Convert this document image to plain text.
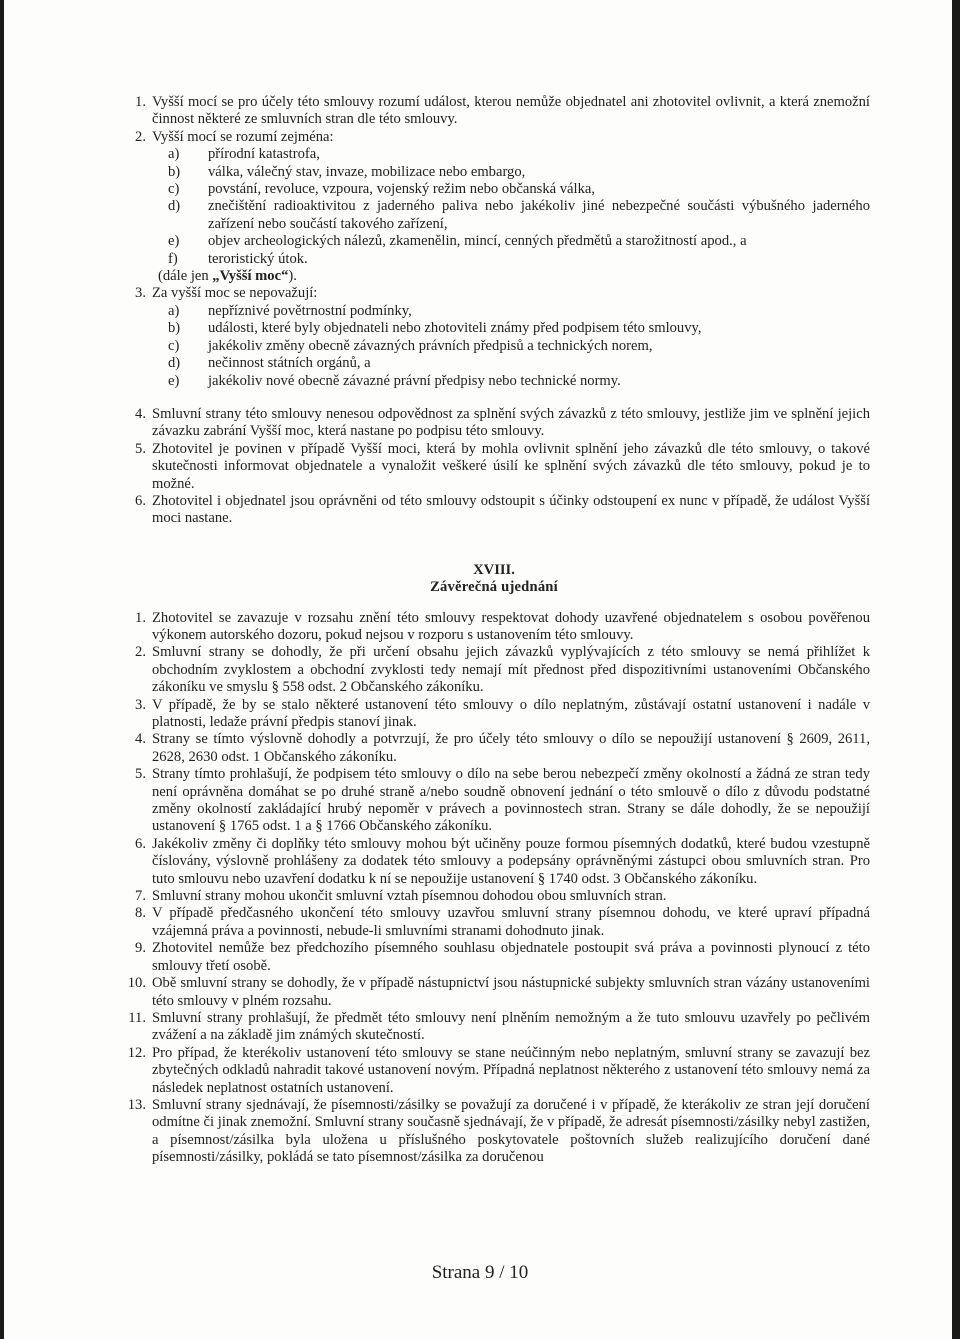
1. Vyšší mocí se pro účely této smlouvy rozumí událost, kterou nemůže objednatel ani zhotovitel ovlivnit, a která znemožní činnost některé ze smluvních stran dle této smlouvy.
2. Vyšší mocí se rozumí zejména:
a)	přírodní katastrofa,
b)	válka, válečný stav, invaze, mobilizace nebo embargo,
c)	povstání, revoluce, vzpoura, vojenský režim nebo občanská válka,
d)	znečištění radioaktivitou z jaderného paliva nebo jakékoliv jiné nebezpečné součásti výbušného jaderného zařízení nebo součástí takového zařízení,
e)	objev archeologických nálezů, zkamenělin, mincí, cenných předmětů a starožitností apod., a
f)	teroristický útok.
(dále jen „Vyšší moc“).
3. Za vyšší moc se nepovažují:
a)	nepříznivé povětrnostní podmínky,
b)	události, které byly objednateli nebo zhotoviteli známy před podpisem této smlouvy,
c)	jakékoliv změny obecně závazných právních předpisů a technických norem,
d)	nečinnost státních orgánů, a
e)	jakékoliv nové obecně závazné právní předpisy nebo technické normy.
4. Smluvní strany této smlouvy nenesou odpovědnost za splnění svých závazků z této smlouvy, jestliže jim ve splnění jejich závazku zabrání Vyšší moc, která nastane po podpisu této smlouvy.
5. Zhotovitel je povinen v případě Vyšší moci, která by mohla ovlivnit splnění jeho závazků dle této smlouvy, o takové skutečnosti informovat objednatele a vynaložit veškeré úsilí ke splnění svých závazků dle této smlouvy, pokud je to možné.
6. Zhotovitel i objednatel jsou oprávněni od této smlouvy odstoupit s účinky odstoupení ex nunc v případě, že událost Vyšší moci nastane.

XVIII.

Závěrečná ujednání

1. Zhotovitel se zavazuje v rozsahu znění této smlouvy respektovat dohody uzavřené objednatelem s osobou pověřenou výkonem autorského dozoru, pokud nejsou v rozporu s ustanovením této smlouvy.
2. Smluvní strany se dohodly, že při určení obsahu jejich závazků vyplývajících z této smlouvy se nemá přihlížet k obchodním zvyklostem a obchodní zvyklosti tedy nemají mít přednost před dispozitivními ustanoveními Občanského zákoníku ve smyslu § 558 odst. 2 Občanského zákoníku.
3. V případě, že by se stalo některé ustanovení této smlouvy o dílo neplatným, zůstávají ostatní ustanovení i nadále v platnosti, ledaže právní předpis stanoví jinak.
4. Strany se tímto výslovně dohodly a potvrzují, že pro účely této smlouvy o dílo se nepoužijí ustanovení § 2609, 2611, 2628, 2630 odst. 1 Občanského zákoníku.
5. Strany tímto prohlašují, že podpisem této smlouvy o dílo na sebe berou nebezpečí změny okolností a žádná ze stran tedy není oprávněna domáhat se po druhé straně a/nebo soudně obnovení jednání o této smlouvě o dílo z důvodu podstatné změny okolností zakládající hrubý nepoměr v právech a povinnostech stran. Strany se dále dohodly, že se nepoužijí ustanovení § 1765 odst. 1 a § 1766 Občanského zákoníku.
6. Jakékoliv změny či doplňky této smlouvy mohou být učiněny pouze formou písemných dodatků, které budou vzestupně číslovány, výslovně prohlášeny za dodatek této smlouvy a podepsány oprávněnými zástupci obou smluvních stran. Pro tuto smlouvu nebo uzavření dodatku k ní se nepoužije ustanovení § 1740 odst. 3 Občanského zákoníku.
7. Smluvní strany mohou ukončit smluvní vztah písemnou dohodou obou smluvních stran.
8. V případě předčasného ukončení této smlouvy uzavřou smluvní strany písemnou dohodu, ve které upraví případná vzájemná práva a povinnosti, nebude-li smluvními stranami dohodnuto jinak.
9. Zhotovitel nemůže bez předchozího písemného souhlasu objednatele postoupit svá práva a povinnosti plynoucí z této smlouvy třetí osobě.
10. Obě smluvní strany se dohodly, že v případě nástupnictví jsou nástupnické subjekty smluvních stran vázány ustanoveními této smlouvy v plném rozsahu.
11. Smluvní strany prohlašují, že předmět této smlouvy není plněním nemožným a že tuto smlouvu uzavřely po pečlivém zvážení a na základě jim známých skutečností.
12. Pro případ, že kterékoliv ustanovení této smlouvy se stane neúčinným nebo neplatným, smluvní strany se zavazují bez zbytečných odkladů nahradit takové ustanovení novým. Případná neplatnost některého z ustanovení této smlouvy nemá za následek neplatnost ostatních ustanovení.
13. Smluvní strany sjednávají, že písemnosti/zásilky se považují za doručené i v případě, že kterákoliv ze stran její doručení odmítne či jinak znemožní. Smluvní strany současně sjednávají, že v případě, že adresát písemnosti/zásilky nebyl zastižen, a písemnost/zásilka byla uložena u příslušného poskytovatele poštovních služeb realizujícího doručení dané písemnosti/zásilky, pokládá se tato písemnost/zásilka za doručenou
Strana 9 / 10
